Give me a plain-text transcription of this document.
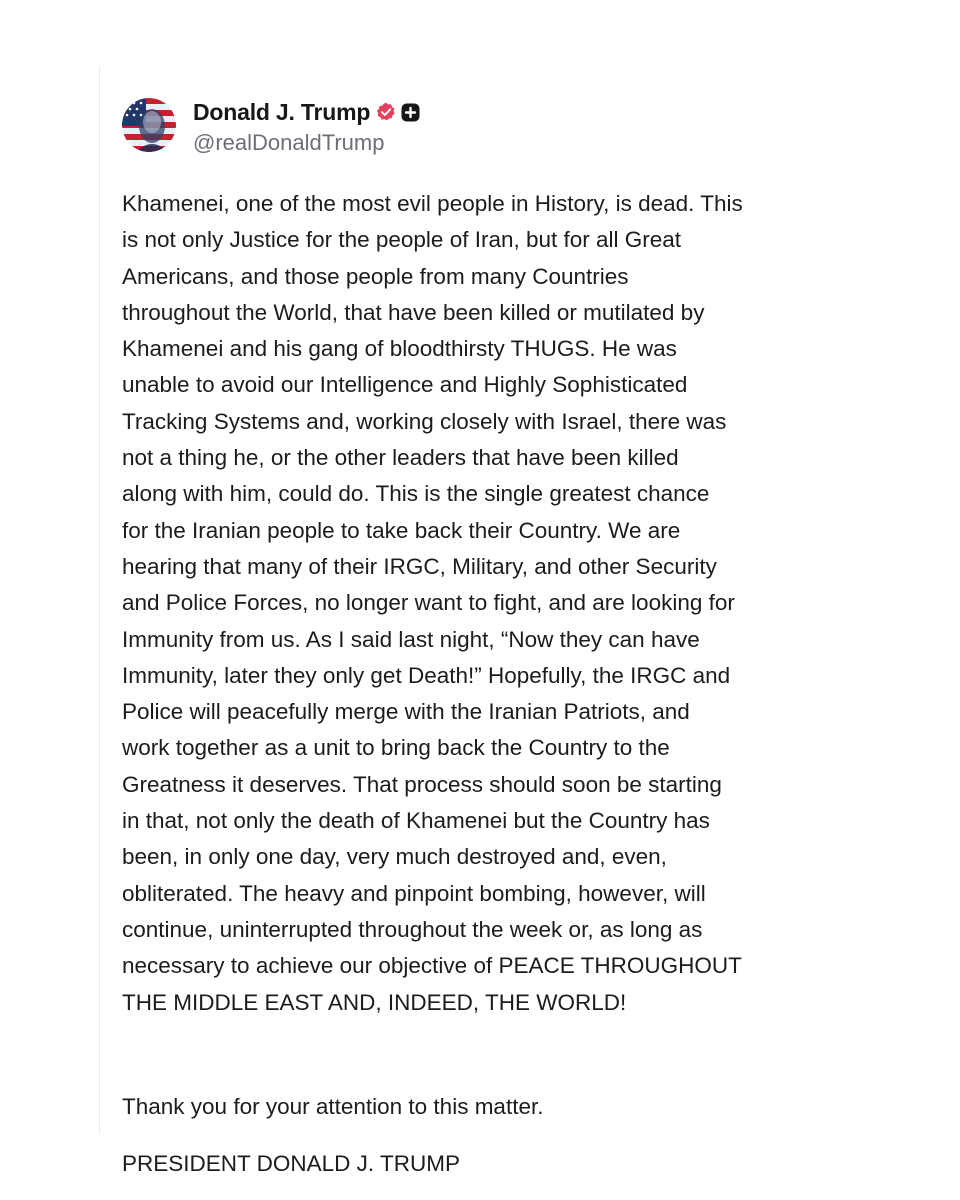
Donald J. Trump
@realDonaldTrump

Khamenei, one of the most evil people in History, is dead. This
is not only Justice for the people of Iran, but for all Great
Americans, and those people from many Countries
throughout the World, that have been killed or mutilated by
Khamenei and his gang of bloodthirsty THUGS. He was
unable to avoid our Intelligence and Highly Sophisticated
Tracking Systems and, working closely with Israel, there was
not a thing he, or the other leaders that have been killed
along with him, could do. This is the single greatest chance
for the Iranian people to take back their Country. We are
hearing that many of their IRGC, Military, and other Security
and Police Forces, no longer want to fight, and are looking for
Immunity from us. As I said last night, “Now they can have
Immunity, later they only get Death!” Hopefully, the IRGC and
Police will peacefully merge with the Iranian Patriots, and
work together as a unit to bring back the Country to the
Greatness it deserves. That process should soon be starting
in that, not only the death of Khamenei but the Country has
been, in only one day, very much destroyed and, even,
obliterated. The heavy and pinpoint bombing, however, will
continue, uninterrupted throughout the week or, as long as
necessary to achieve our objective of PEACE THROUGHOUT
THE MIDDLE EAST AND, INDEED, THE WORLD!

Thank you for your attention to this matter.
PRESIDENT DONALD J. TRUMP
